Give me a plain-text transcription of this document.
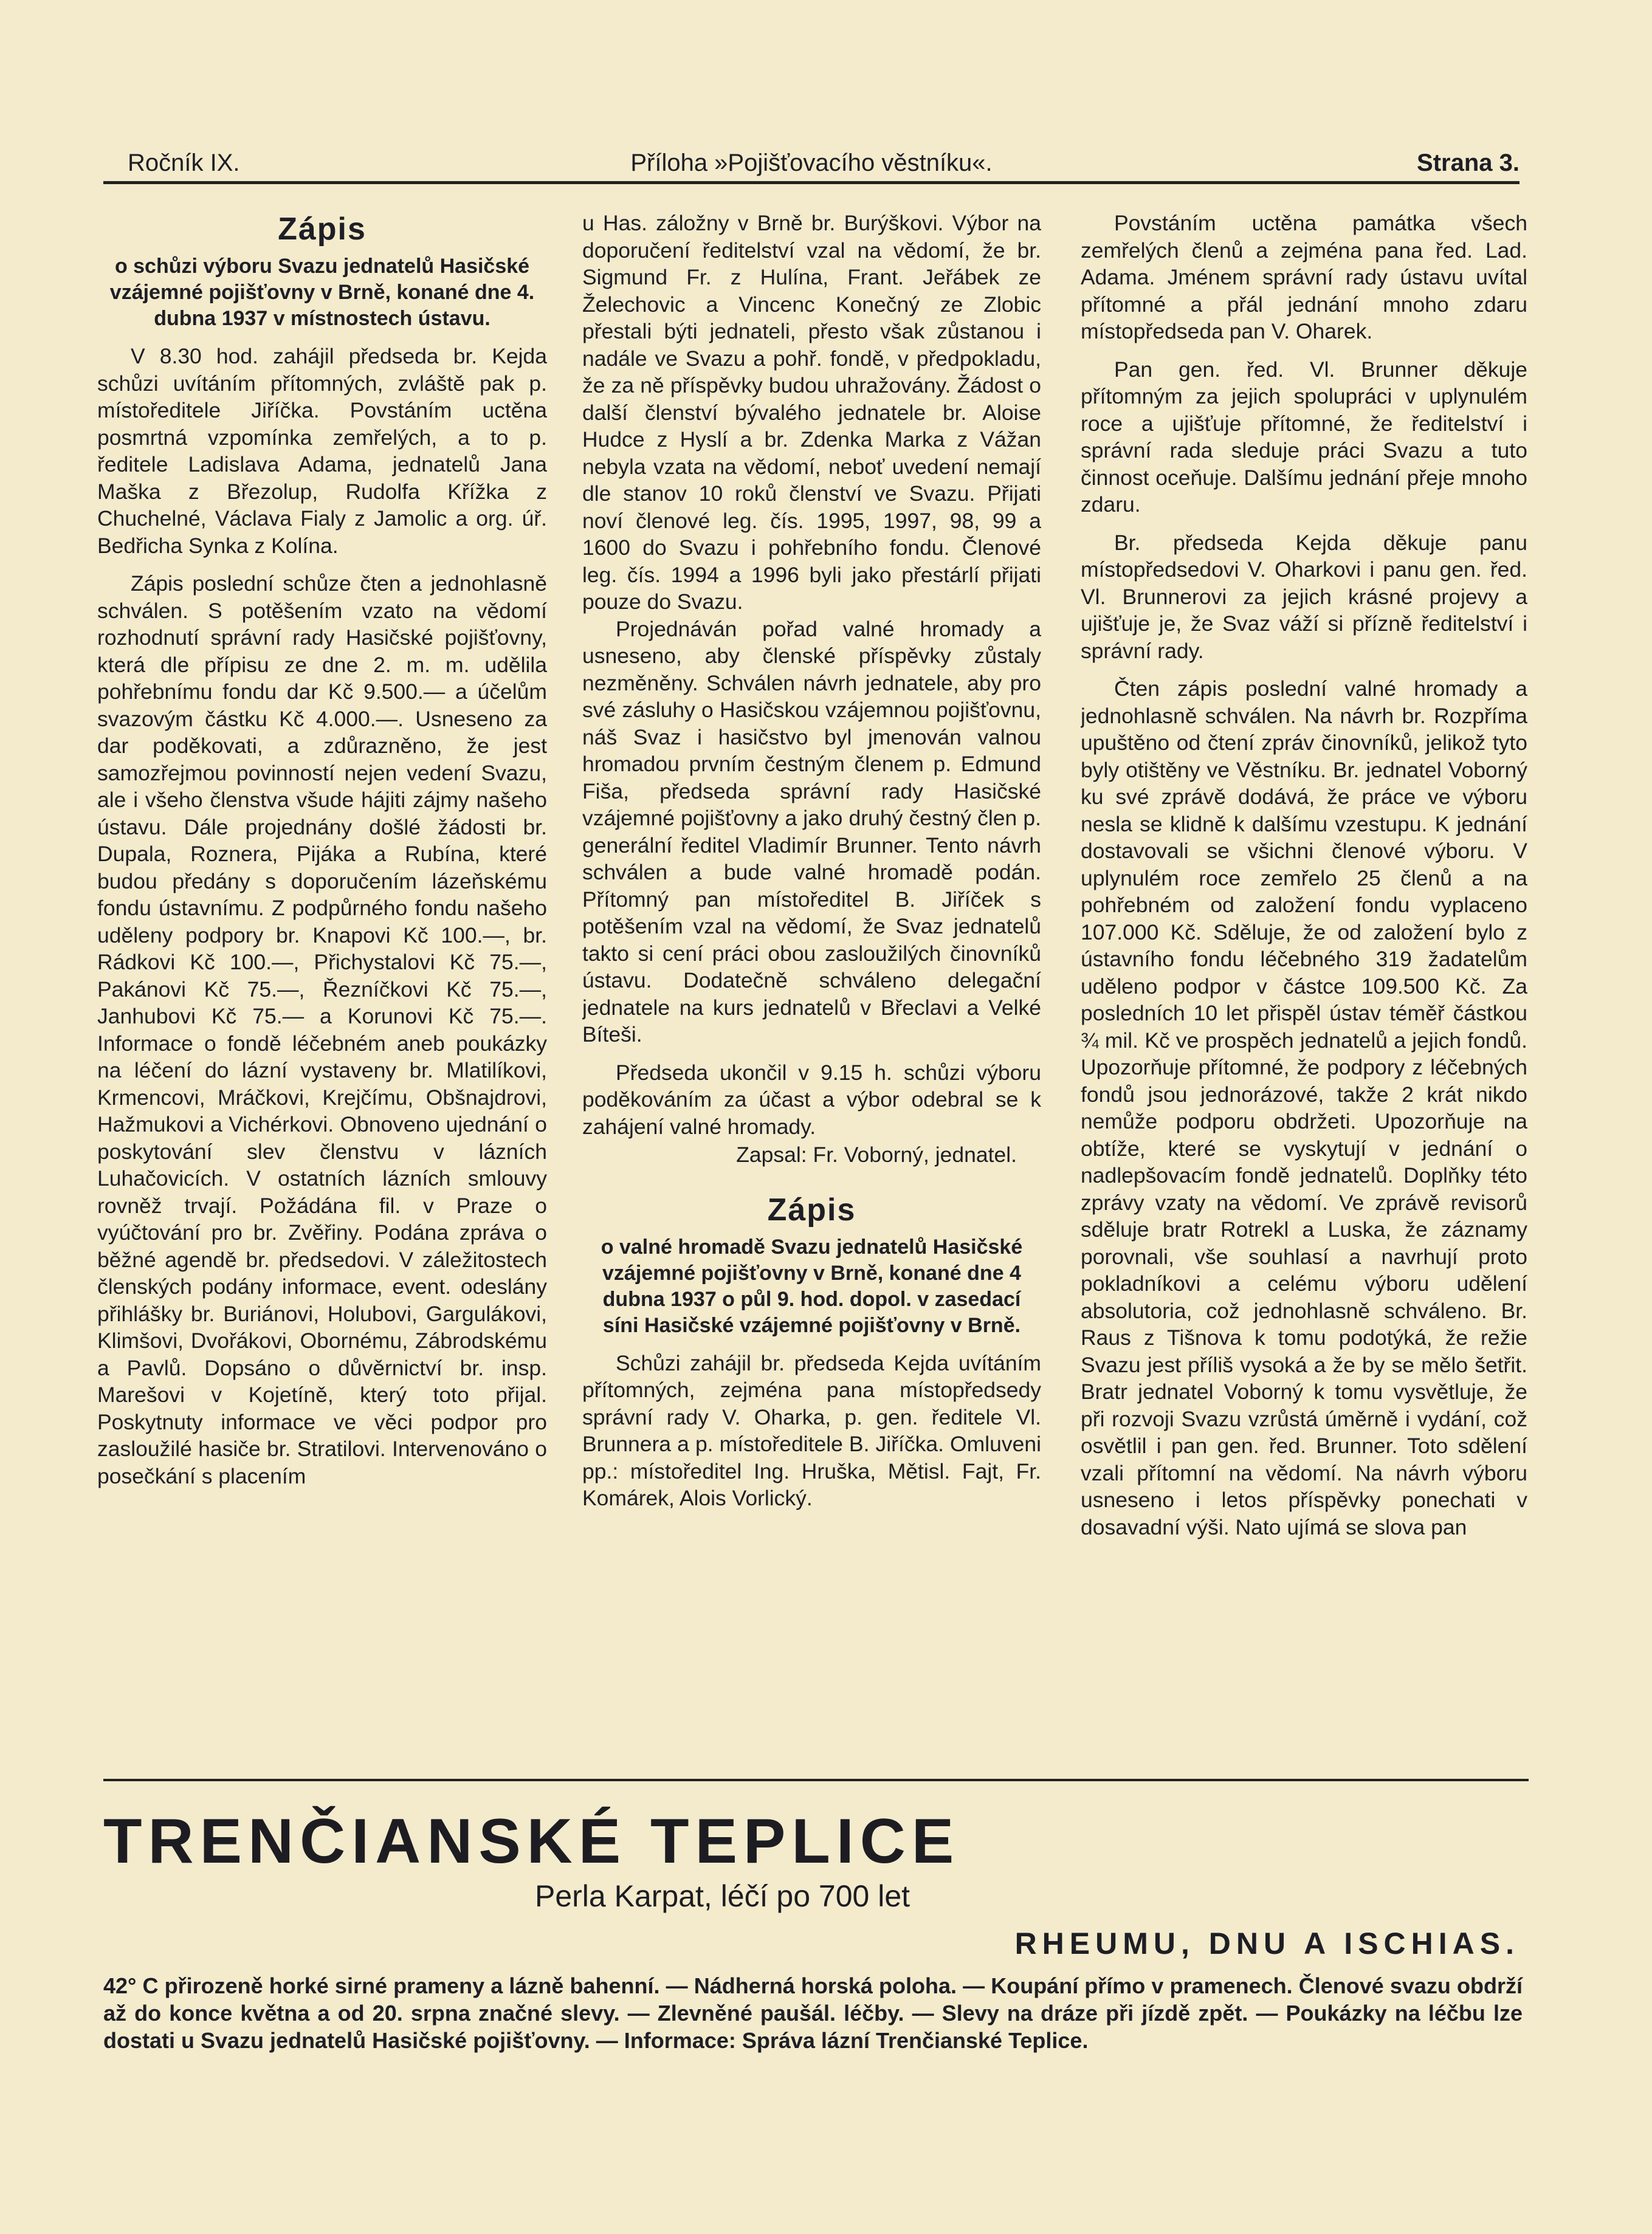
Ročník IX.	Příloha »Pojišťovacího věstníku«.	Strana 3.
Zápis
o schůzi výboru Svazu jednatelů Hasičské vzájemné pojišťovny v Brně, konané dne 4. dubna 1937 v místnostech ústavu.

V 8.30 hod. zahájil předseda br. Kejda schůzi uvítáním přítomných, zvláště pak p. místoředitele Jiříčka. Povstáním uctěna posmrtná vzpomínka zemřelých, a to p. ředitele Ladislava Adama, jednatelů Jana Maška z Březolup, Rudolfa Křížka z Chuchelné, Václava Fialy z Jamolic a org. úř. Bedřicha Synka z Kolína.

Zápis poslední schůze čten a jednohlasně schválen. S potěšením vzato na vědomí rozhodnutí správní rady Hasičské pojišťovny, která dle přípisu ze dne 2. m. m. udělila pohřebnímu fondu dar Kč 9.500.— a účelům svazovým částku Kč 4.000.—. Usneseno za dar poděkovati, a zdůrazněno, že jest samozřejmou povinností nejen vedení Svazu, ale i všeho členstva všude hájiti zájmy našeho ústavu. Dále projednány došlé žádosti br. Dupala, Roznera, Pijáka a Rubína, které budou předány s doporučením lázeňskému fondu ústavnímu. Z podpůrného fondu našeho uděleny podpory br. Knapovi Kč 100.—, br. Rádkovi Kč 100.—, Přichystalovi Kč 75.—, Pakánovi Kč 75.—, Řezníčkovi Kč 75.—, Janhubovi Kč 75.— a Korunovi Kč 75.—. Informace o fondě léčebném aneb poukázky na léčení do lázní vystaveny br. Mlatilíkovi, Krmencovi, Mráčkovi, Krejčímu, Obšnajdrovi, Hažmukovi a Vichérkovi. Obnoveno ujednání o poskytování slev členstvu v lázních Luhačovicích. V ostatních lázních smlouvy rovněž trvají. Požádána fil. v Praze o vyúčtování pro br. Zvěřiny. Podána zpráva o běžné agendě br. předsedovi. V záležitostech členských podány informace, event. odeslány přihlášky br. Buriánovi, Holubovi, Gargulákovi, Klimšovi, Dvořákovi, Obornému, Zábrodskému a Pavlů. Dopsáno o důvěrnictví br. insp. Marešovi v Kojetíně, který toto přijal. Poskytnuty informace ve věci podpor pro zasloužilé hasiče br. Stratilovi. Intervenováno o posečkání s placením

u Has. záložny v Brně br. Burýškovi. Výbor na doporučení ředitelství vzal na vědomí, že br. Sigmund Fr. z Hulína, Frant. Jeřábek ze Želechovic a Vincenc Konečný ze Zlobic přestali býti jednateli, přesto však zůstanou i nadále ve Svazu a pohř. fondě, v předpokladu, že za ně příspěvky budou uhražovány. Žádost o další členství bývalého jednatele br. Aloise Hudce z Hyslí a br. Zdenka Marka z Vážan nebyla vzata na vědomí, neboť uvedení nemají dle stanov 10 roků členství ve Svazu. Přijati noví členové leg. čís. 1995, 1997, 98, 99 a 1600 do Svazu i pohřebního fondu. Členové leg. čís. 1994 a 1996 byli jako přestárlí přijati pouze do Svazu.

Projednáván pořad valné hromady a usneseno, aby členské příspěvky zůstaly nezměněny. Schválen návrh jednatele, aby pro své zásluhy o Hasičskou vzájemnou pojišťovnu, náš Svaz i hasičstvo byl jmenován valnou hromadou prvním čestným členem p. Edmund Fiša, předseda správní rady Hasičské vzájemné pojišťovny a jako druhý čestný člen p. generální ředitel Vladimír Brunner. Tento návrh schválen a bude valné hromadě podán. Přítomný pan místoředitel B. Jiříček s potěšením vzal na vědomí, že Svaz jednatelů takto si cení práci obou zasloužilých činovníků ústavu. Dodatečně schváleno delegační jednatele na kurs jednatelů v Břeclavi a Velké Bíteši.

Předseda ukončil v 9.15 h. schůzi výboru poděkováním za účast a výbor odebral se k zahájení valné hromady.

Zapsal: Fr. Voborný, jednatel.

Zápis
o valné hromadě Svazu jednatelů Hasičské vzájemné pojišťovny v Brně, konané dne 4 dubna 1937 o půl 9. hod. dopol. v zasedací síni Hasičské vzájemné pojišťovny v Brně.

Schůzi zahájil br. předseda Kejda uvítáním přítomných, zejména pana místopředsedy správní rady V. Oharka, p. gen. ředitele Vl. Brunnera a p. místoředitele B. Jiříčka. Omluveni pp.: místoředitel Ing. Hruška, Mětisl. Fajt, Fr. Komárek, Alois Vorlický.

Povstáním uctěna památka všech zemřelých členů a zejména pana řed. Lad. Adama. Jménem správní rady ústavu uvítal přítomné a přál jednání mnoho zdaru místopředseda pan V. Oharek.

Pan gen. řed. Vl. Brunner děkuje přítomným za jejich spolupráci v uplynulém roce a ujišťuje přítomné, že ředitelství i správní rada sleduje práci Svazu a tuto činnost oceňuje. Dalšímu jednání přeje mnoho zdaru.

Br. předseda Kejda děkuje panu místopředsedovi V. Oharkovi i panu gen. řed. Vl. Brunnerovi za jejich krásné projevy a ujišťuje je, že Svaz váží si přízně ředitelství i správní rady.

Čten zápis poslední valné hromady a jednohlasně schválen. Na návrh br. Rozpříma upuštěno od čtení zpráv činovníků, jelikož tyto byly otištěny ve Věstníku. Br. jednatel Voborný ku své zprávě dodává, že práce ve výboru nesla se klidně k dalšímu vzestupu. K jednání dostavovali se všichni členové výboru. V uplynulém roce zemřelo 25 členů a na pohřebném od založení fondu vyplaceno 107.000 Kč. Sděluje, že od založení bylo z ústavního fondu léčebného 319 žadatelům uděleno podpor v částce 109.500 Kč. Za posledních 10 let přispěl ústav téměř částkou ¾ mil. Kč ve prospěch jednatelů a jejich fondů. Upozorňuje přítomné, že podpory z léčebných fondů jsou jednorázové, takže 2 krát nikdo nemůže podporu obdržeti. Upozorňuje na obtíže, které se vyskytují v jednání o nadlepšovacím fondě jednatelů. Doplňky této zprávy vzaty na vědomí. Ve zprávě revisorů sděluje bratr Rotrekl a Luska, že záznamy porovnali, vše souhlasí a navrhují proto pokladníkovi a celému výboru udělení absolutoria, což jednohlasně schváleno. Br. Raus z Tišnova k tomu podotýká, že režie Svazu jest příliš vysoká a že by se mělo šetřit. Bratr jednatel Voborný k tomu vysvětluje, že při rozvoji Svazu vzrůstá úměrně i vydání, což osvětlil i pan gen. řed. Brunner. Toto sdělení vzali přítomní na vědomí. Na návrh výboru usneseno i letos příspěvky ponechati v dosavadní výši. Nato ujímá se slova pan

TRENČIANSKÉ TEPLICE
Perla Karpat, léčí po 700 let
RHEUMU, DNU A ISCHIAS.
42° C přirozeně horké sirné prameny a lázně bahenní. — Nádherná horská poloha. — Koupání přímo v pramenech. Členové svazu obdrží až do konce května a od 20. srpna značné slevy. — Zlevněné paušál. léčby. — Slevy na dráze při jízdě zpět. — Poukázky na léčbu lze dostati u Svazu jednatelů Hasičské pojišťovny. — Informace: Správa lázní Trenčianské Teplice.
